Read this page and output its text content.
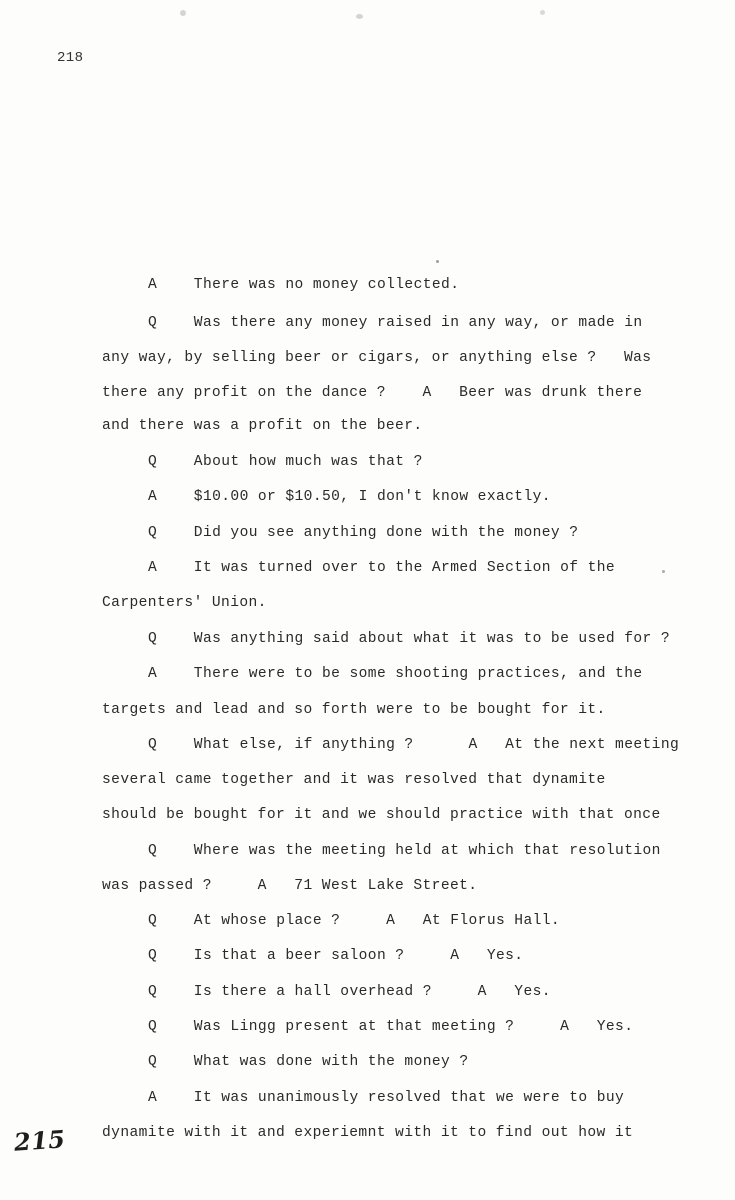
218
A    There was no money collected.
Q    Was there any money raised in any way, or made in
any way, by selling beer or cigars, or anything else ?   Was
there any profit on the dance ?    A   Beer was drunk there
and there was a profit on the beer.
Q    About how much was that ?
A    $10.00 or $10.50, I don't know exactly.
Q    Did you see anything done with the money ?
A    It was turned over to the Armed Section of the
Carpenters' Union.
Q    Was anything said about what it was to be used for ?
A    There were to be some shooting practices, and the
targets and lead and so forth were to be bought for it.
Q    What else, if anything ?      A   At the next meeting
several came together and it was resolved that dynamite
should be bought for it and we should practice with that once
Q    Where was the meeting held at which that resolution
was passed ?     A   71 West Lake Street.
Q    At whose place ?     A   At Florus Hall.
Q    Is that a beer saloon ?     A   Yes.
Q    Is there a hall overhead ?     A   Yes.
Q    Was Lingg present at that meeting ?     A   Yes.
Q    What was done with the money ?
A    It was unanimously resolved that we were to buy
dynamite with it and experiemnt with it to find out how it
215
